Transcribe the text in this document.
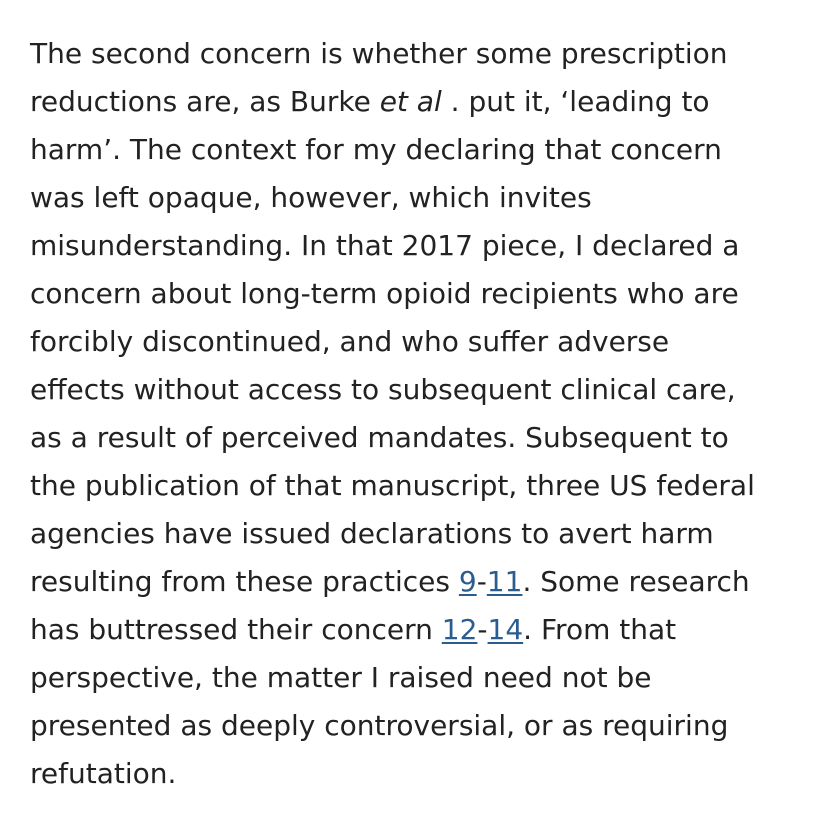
The second concern is whether some prescription
reductions are, as Burke et al . put it, ‘leading to
harm’. The context for my declaring that concern
was left opaque, however, which invites
misunderstanding. In that 2017 piece, I declared a
concern about long-term opioid recipients who are
forcibly discontinued, and who suffer adverse
effects without access to subsequent clinical care,
as a result of perceived mandates. Subsequent to
the publication of that manuscript, three US federal
agencies have issued declarations to avert harm
resulting from these practices 9-11. Some research
has buttressed their concern 12-14. From that
perspective, the matter I raised need not be
presented as deeply controversial, or as requiring
refutation.
